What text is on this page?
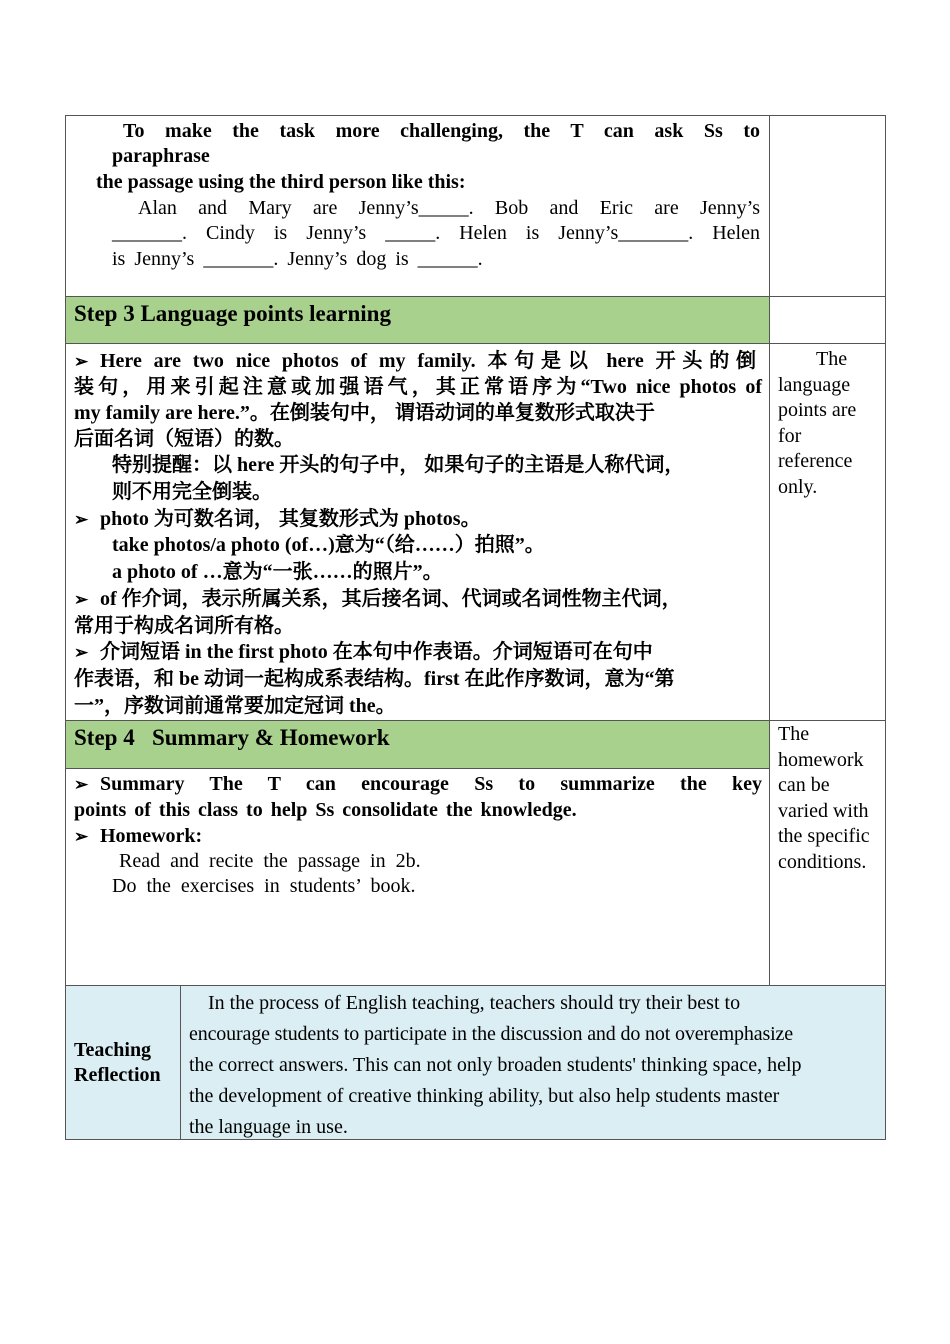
To make the task more challenging, the T can ask Ss to
paraphrase
the passage using the third person like this:
Alan and Mary are Jenny’s_____. Bob and Eric are Jenny’s
_______. Cindy is Jenny’s _____. Helen is Jenny’s_______. Helen
is Jenny’s _______. Jenny’s dog is ______.
Step 3 Language points learning
➢ Here are two nice photos of my family. 本句是以 here 开头的倒
装句，用来引起注意或加强语气，其正常语序为“Two nice photos of
my family are here.”。在倒装句中， 谓语动词的单复数形式取决于
后面名词（短语）的数。
特别提醒：以 here 开头的句子中， 如果句子的主语是人称代词，
则不用完全倒装。
➢ photo 为可数名词， 其复数形式为 photos。
take photos/a photo (of…)意为“（给……）拍照”。
a photo of …意为“一张……的照片”。
➢ of 作介词，表示所属关系，其后接名词、代词或名词性物主代词，
常用于构成名词所有格。
➢ 介词短语 in the first photo 在本句中作表语。介词短语可在句中
作表语，和 be 动词一起构成系表结构。first 在此作序数词，意为“第
一”，序数词前通常要加定冠词 the。
The language points are for reference only.
Step 4   Summary & Homework
➢ Summary The T can encourage Ss to summarize the key
points of this class to help Ss consolidate the knowledge.
➢ Homework:
Read and recite the passage in 2b.
Do the exercises in students’ book.
The homework can be varied with the specific conditions.
Teaching Reflection
In the process of English teaching, teachers should try their best to
encourage students to participate in the discussion and do not overemphasize
the correct answers. This can not only broaden students' thinking space, help
the development of creative thinking ability, but also help students master
the language in use.
